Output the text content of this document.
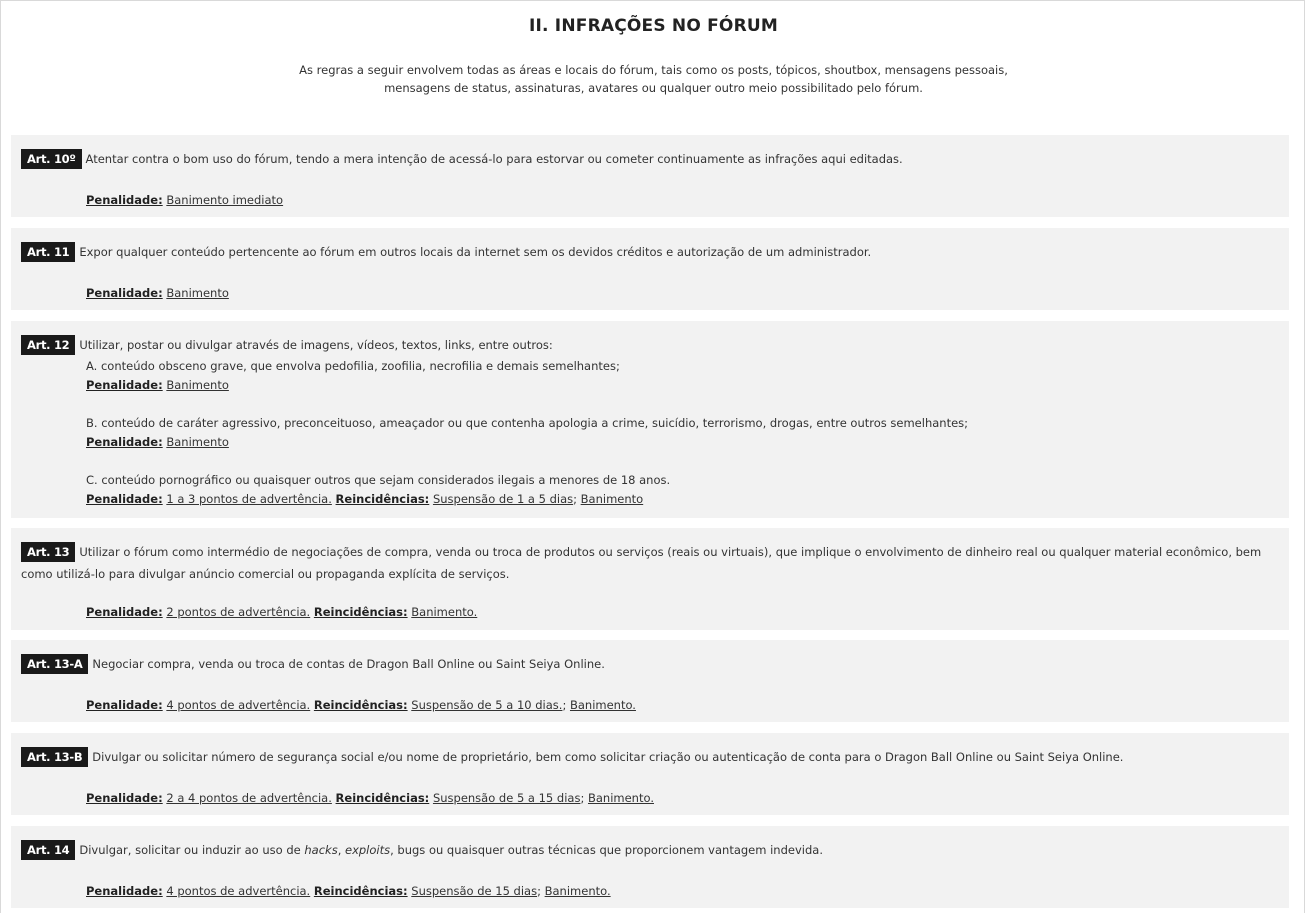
II. INFRAÇÕES NO FÓRUM
As regras a seguir envolvem todas as áreas e locais do fórum, tais como os posts, tópicos, shoutbox, mensagens pessoais,
mensagens de status, assinaturas, avatares ou qualquer outro meio possibilitado pelo fórum.
Art. 10º Atentar contra o bom uso do fórum, tendo a mera intenção de acessá-lo para estorvar ou cometer continuamente as infrações aqui editadas.
Penalidade: Banimento imediato
Art. 11 Expor qualquer conteúdo pertencente ao fórum em outros locais da internet sem os devidos créditos e autorização de um administrador.
Penalidade: Banimento
Art. 12 Utilizar, postar ou divulgar através de imagens, vídeos, textos, links, entre outros:
A. conteúdo obsceno grave, que envolva pedofilia, zoofilia, necrofilia e demais semelhantes;
Penalidade: Banimento
B. conteúdo de caráter agressivo, preconceituoso, ameaçador ou que contenha apologia a crime, suicídio, terrorismo, drogas, entre outros semelhantes;
Penalidade: Banimento
C. conteúdo pornográfico ou quaisquer outros que sejam considerados ilegais a menores de 18 anos.
Penalidade: 1 a 3 pontos de advertência. Reincidências: Suspensão de 1 a 5 dias; Banimento
Art. 13 Utilizar o fórum como intermédio de negociações de compra, venda ou troca de produtos ou serviços (reais ou virtuais), que implique o envolvimento de dinheiro real ou qualquer material econômico, bem como utilizá-lo para divulgar anúncio comercial ou propaganda explícita de serviços.
Penalidade: 2 pontos de advertência. Reincidências: Banimento.
Art. 13-A Negociar compra, venda ou troca de contas de Dragon Ball Online ou Saint Seiya Online.
Penalidade: 4 pontos de advertência. Reincidências: Suspensão de 5 a 10 dias.; Banimento.
Art. 13-B Divulgar ou solicitar número de segurança social e/ou nome de proprietário, bem como solicitar criação ou autenticação de conta para o Dragon Ball Online ou Saint Seiya Online.
Penalidade: 2 a 4 pontos de advertência. Reincidências: Suspensão de 5 a 15 dias; Banimento.
Art. 14 Divulgar, solicitar ou induzir ao uso de hacks, exploits, bugs ou quaisquer outras técnicas que proporcionem vantagem indevida.
Penalidade: 4 pontos de advertência. Reincidências: Suspensão de 15 dias; Banimento.
